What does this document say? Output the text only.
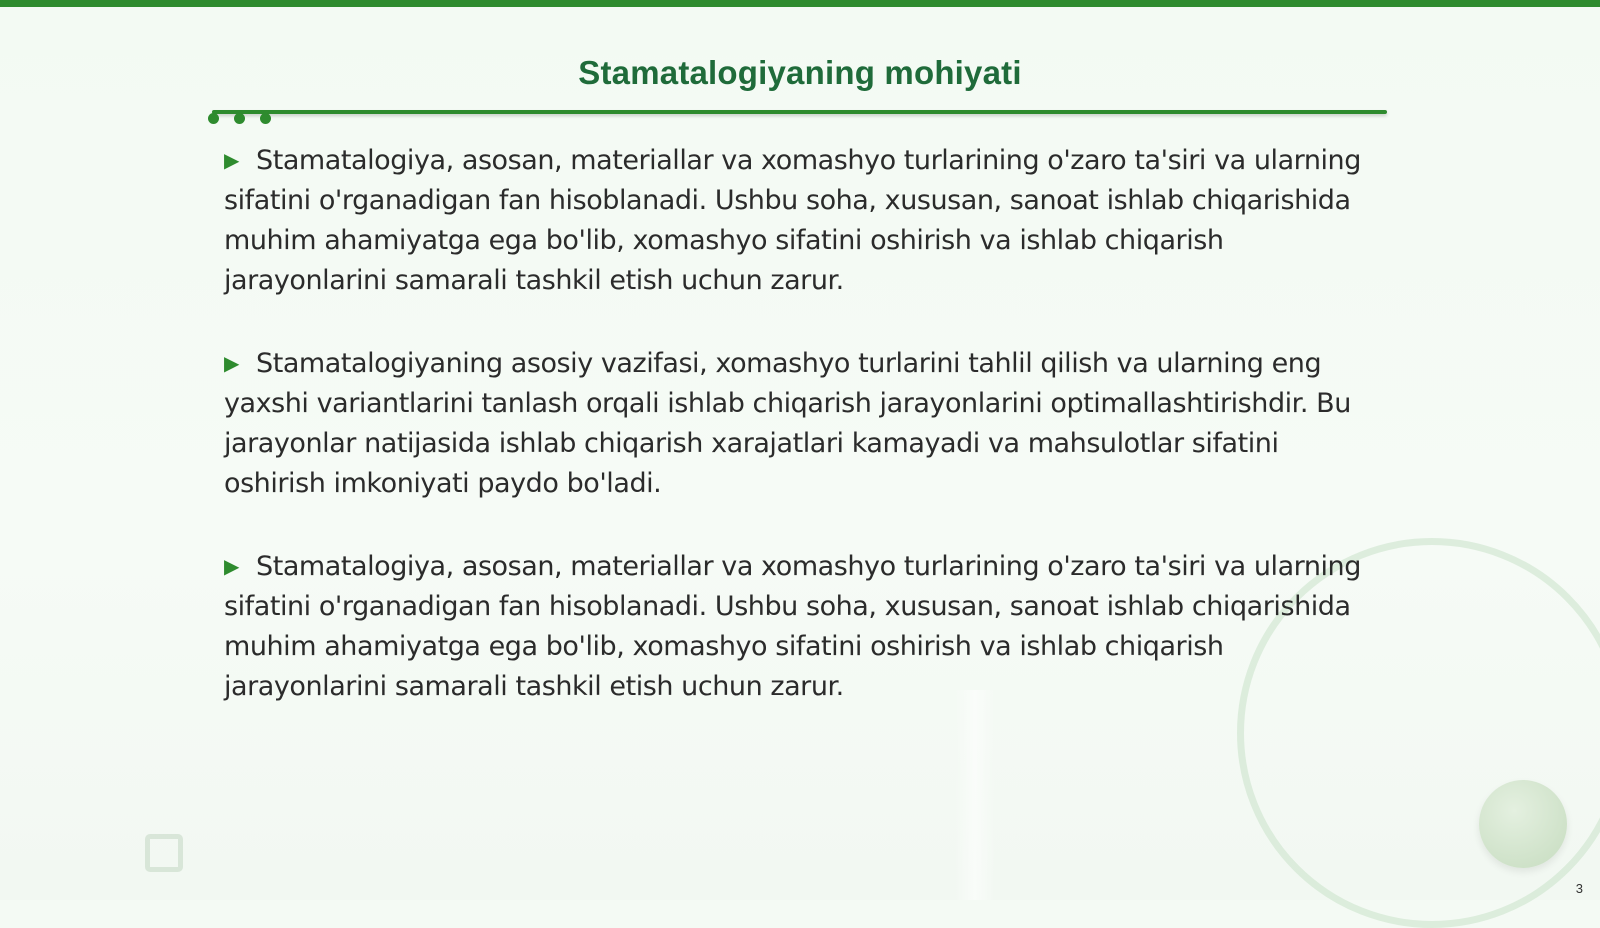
Stamatalogiyaning mohiyati

▶ Stamatalogiya, asosan, materiallar va xomashyo turlarining o'zaro ta'siri va ularning sifatini o'rganadigan fan hisoblanadi. Ushbu soha, xususan, sanoat ishlab chiqarishida muhim ahamiyatga ega bo'lib, xomashyo sifatini oshirish va ishlab chiqarish jarayonlarini samarali tashkil etish uchun zarur.

▶ Stamatalogiyaning asosiy vazifasi, xomashyo turlarini tahlil qilish va ularning eng yaxshi variantlarini tanlash orqali ishlab chiqarish jarayonlarini optimallashtirishdir. Bu jarayonlar natijasida ishlab chiqarish xarajatlari kamayadi va mahsulotlar sifatini oshirish imkoniyati paydo bo'ladi.

▶ Stamatalogiya, asosan, materiallar va xomashyo turlarining o'zaro ta'siri va ularning sifatini o'rganadigan fan hisoblanadi. Ushbu soha, xususan, sanoat ishlab chiqarishida muhim ahamiyatga ega bo'lib, xomashyo sifatini oshirish va ishlab chiqarish jarayonlarini samarali tashkil etish uchun zarur.

3
